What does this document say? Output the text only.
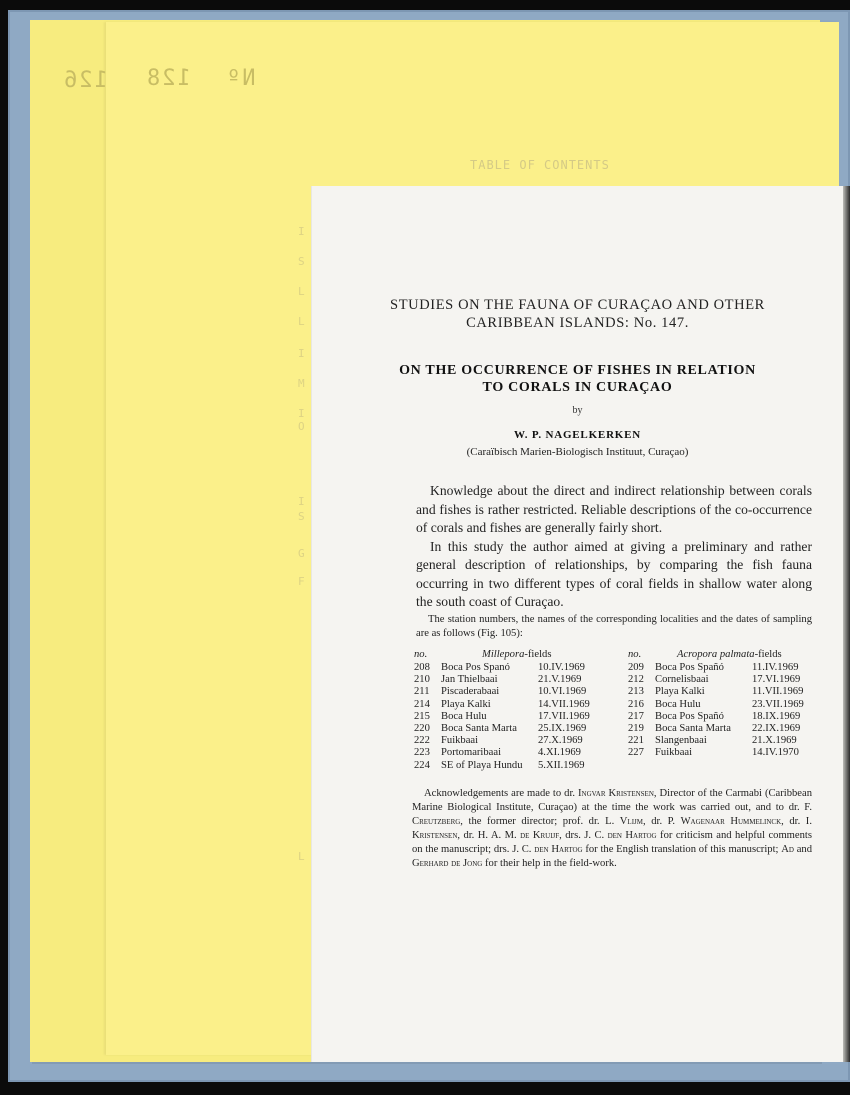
126 128 Nº
TABLE OF CONTENTS
I
S
L
L
I
M
I
O
I
S
G
F
L
STUDIES ON THE FAUNA OF CURAÇAO AND OTHER
CARIBBEAN ISLANDS: No. 147.
ON THE OCCURRENCE OF FISHES IN RELATION
TO CORALS IN CURAÇAO
by
W. P. NAGELKERKEN
(Caraïbisch Marien-Biologisch Instituut, Curaçao)

Knowledge about the direct and indirect relationship between corals and fishes is rather restricted. Reliable descriptions of the co-occurrence of corals and fishes are generally fairly short.

In this study the author aimed at giving a preliminary and rather general description of relationships, by comparing the fish fauna occurring in two different types of coral fields in shallow water along the south coast of Curaçao.

The station numbers, the names of the corresponding localities and the dates of sampling are as follows (Fig. 105):
no.	Millepora-fields
208 Boca Pos Spanó	10.IV.1969
210 Jan Thielbaai	21.V.1969
211 Piscaderabaai	10.VI.1969
214 Playa Kalki	14.VII.1969
215 Boca Hulu	17.VII.1969
220 Boca Santa Marta 25.IX.1969
222 Fuikbaai	27.X.1969
223 Portomaribaai	4.XI.1969
224 SE of Playa Hundu 5.XII.1969
no.	Acropora palmata-fields
209 Boca Pos Spañó	11.IV.1969
212 Cornelisbaai	17.VI.1969
213 Playa Kalki	11.VII.1969
216 Boca Hulu	23.VII.1969
217 Boca Pos Spañó	18.IX.1969
219 Boca Santa Marta 22.IX.1969
221 Slangenbaai	21.X.1969
227 Fuikbaai	14.IV.1970
Acknowledgements are made to dr. Ingvar Kristensen, Director of the Carmabi (Caribbean Marine Biological Institute, Curaçao) at the time the work was carried out, and to dr. F. Creutzberg, the former director; prof. dr. L. Vlijm, dr. P. Wagenaar Hummelinck, dr. I. Kristensen, dr. H. A. M. de Kruijf, drs. J. C. den Hartog for criticism and helpful comments on the manuscript; drs. J. C. den Hartog for the English translation of this manuscript; Ad and Gerhard de Jong for their help in the field-work.
